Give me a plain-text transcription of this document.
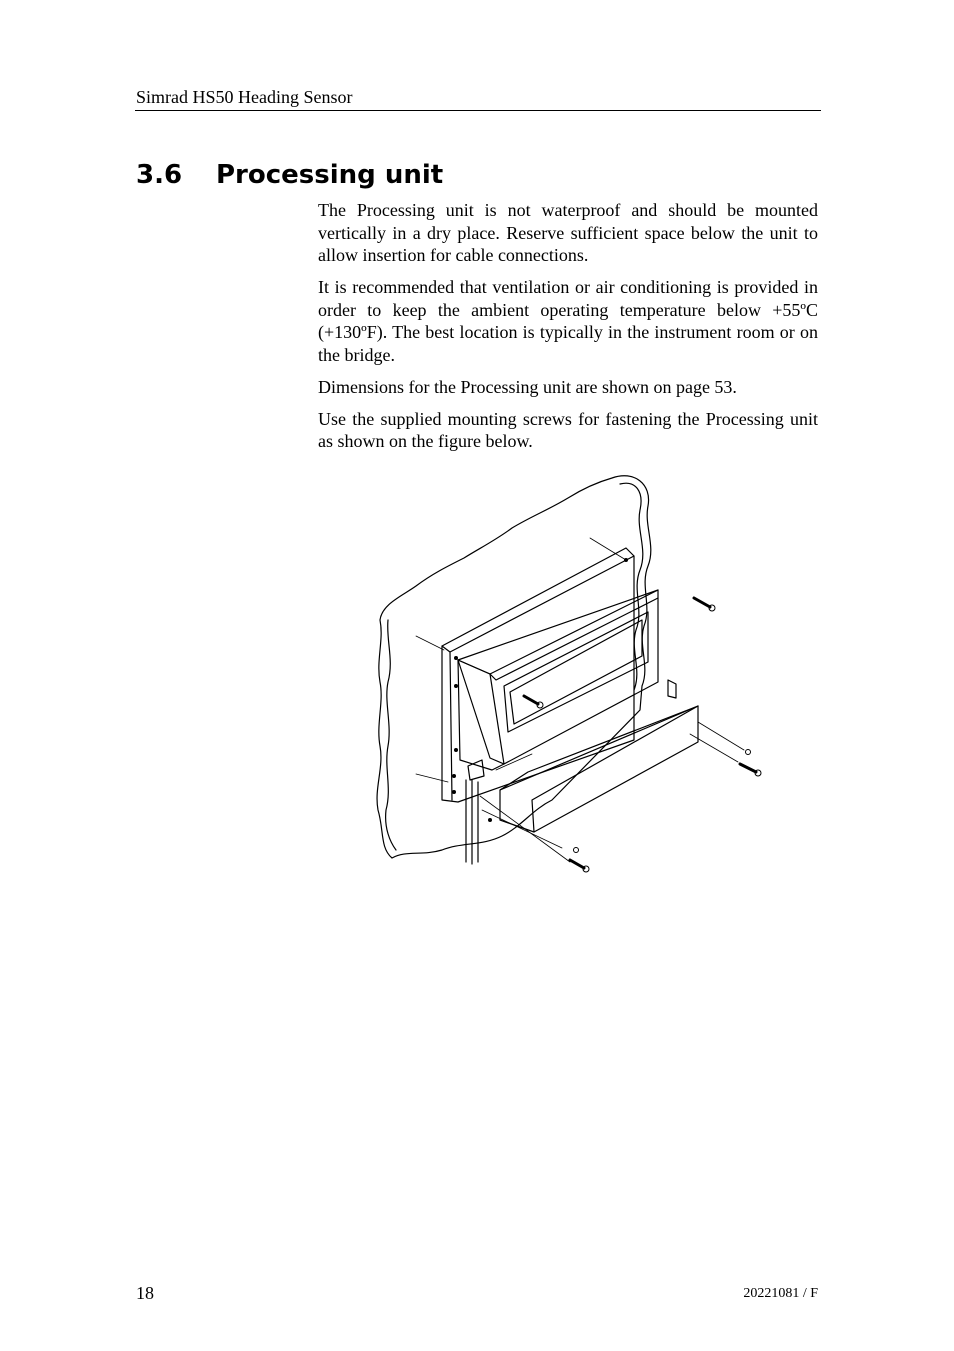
Simrad HS50 Heading Sensor
3.6 Processing unit

The Processing unit is not waterproof and should be mounted vertically in a dry place. Reserve sufficient space below the unit to allow insertion for cable connections.

It is recommended that ventilation or air conditioning is provided in order to keep the ambient operating temperature below +55ºC (+130ºF). The best location is typically in the instrument room or on the bridge.

Dimensions for the Processing unit are shown on page 53.

Use the supplied mounting screws for fastening the Processing unit as shown on the figure below.

18	20221081 / F
